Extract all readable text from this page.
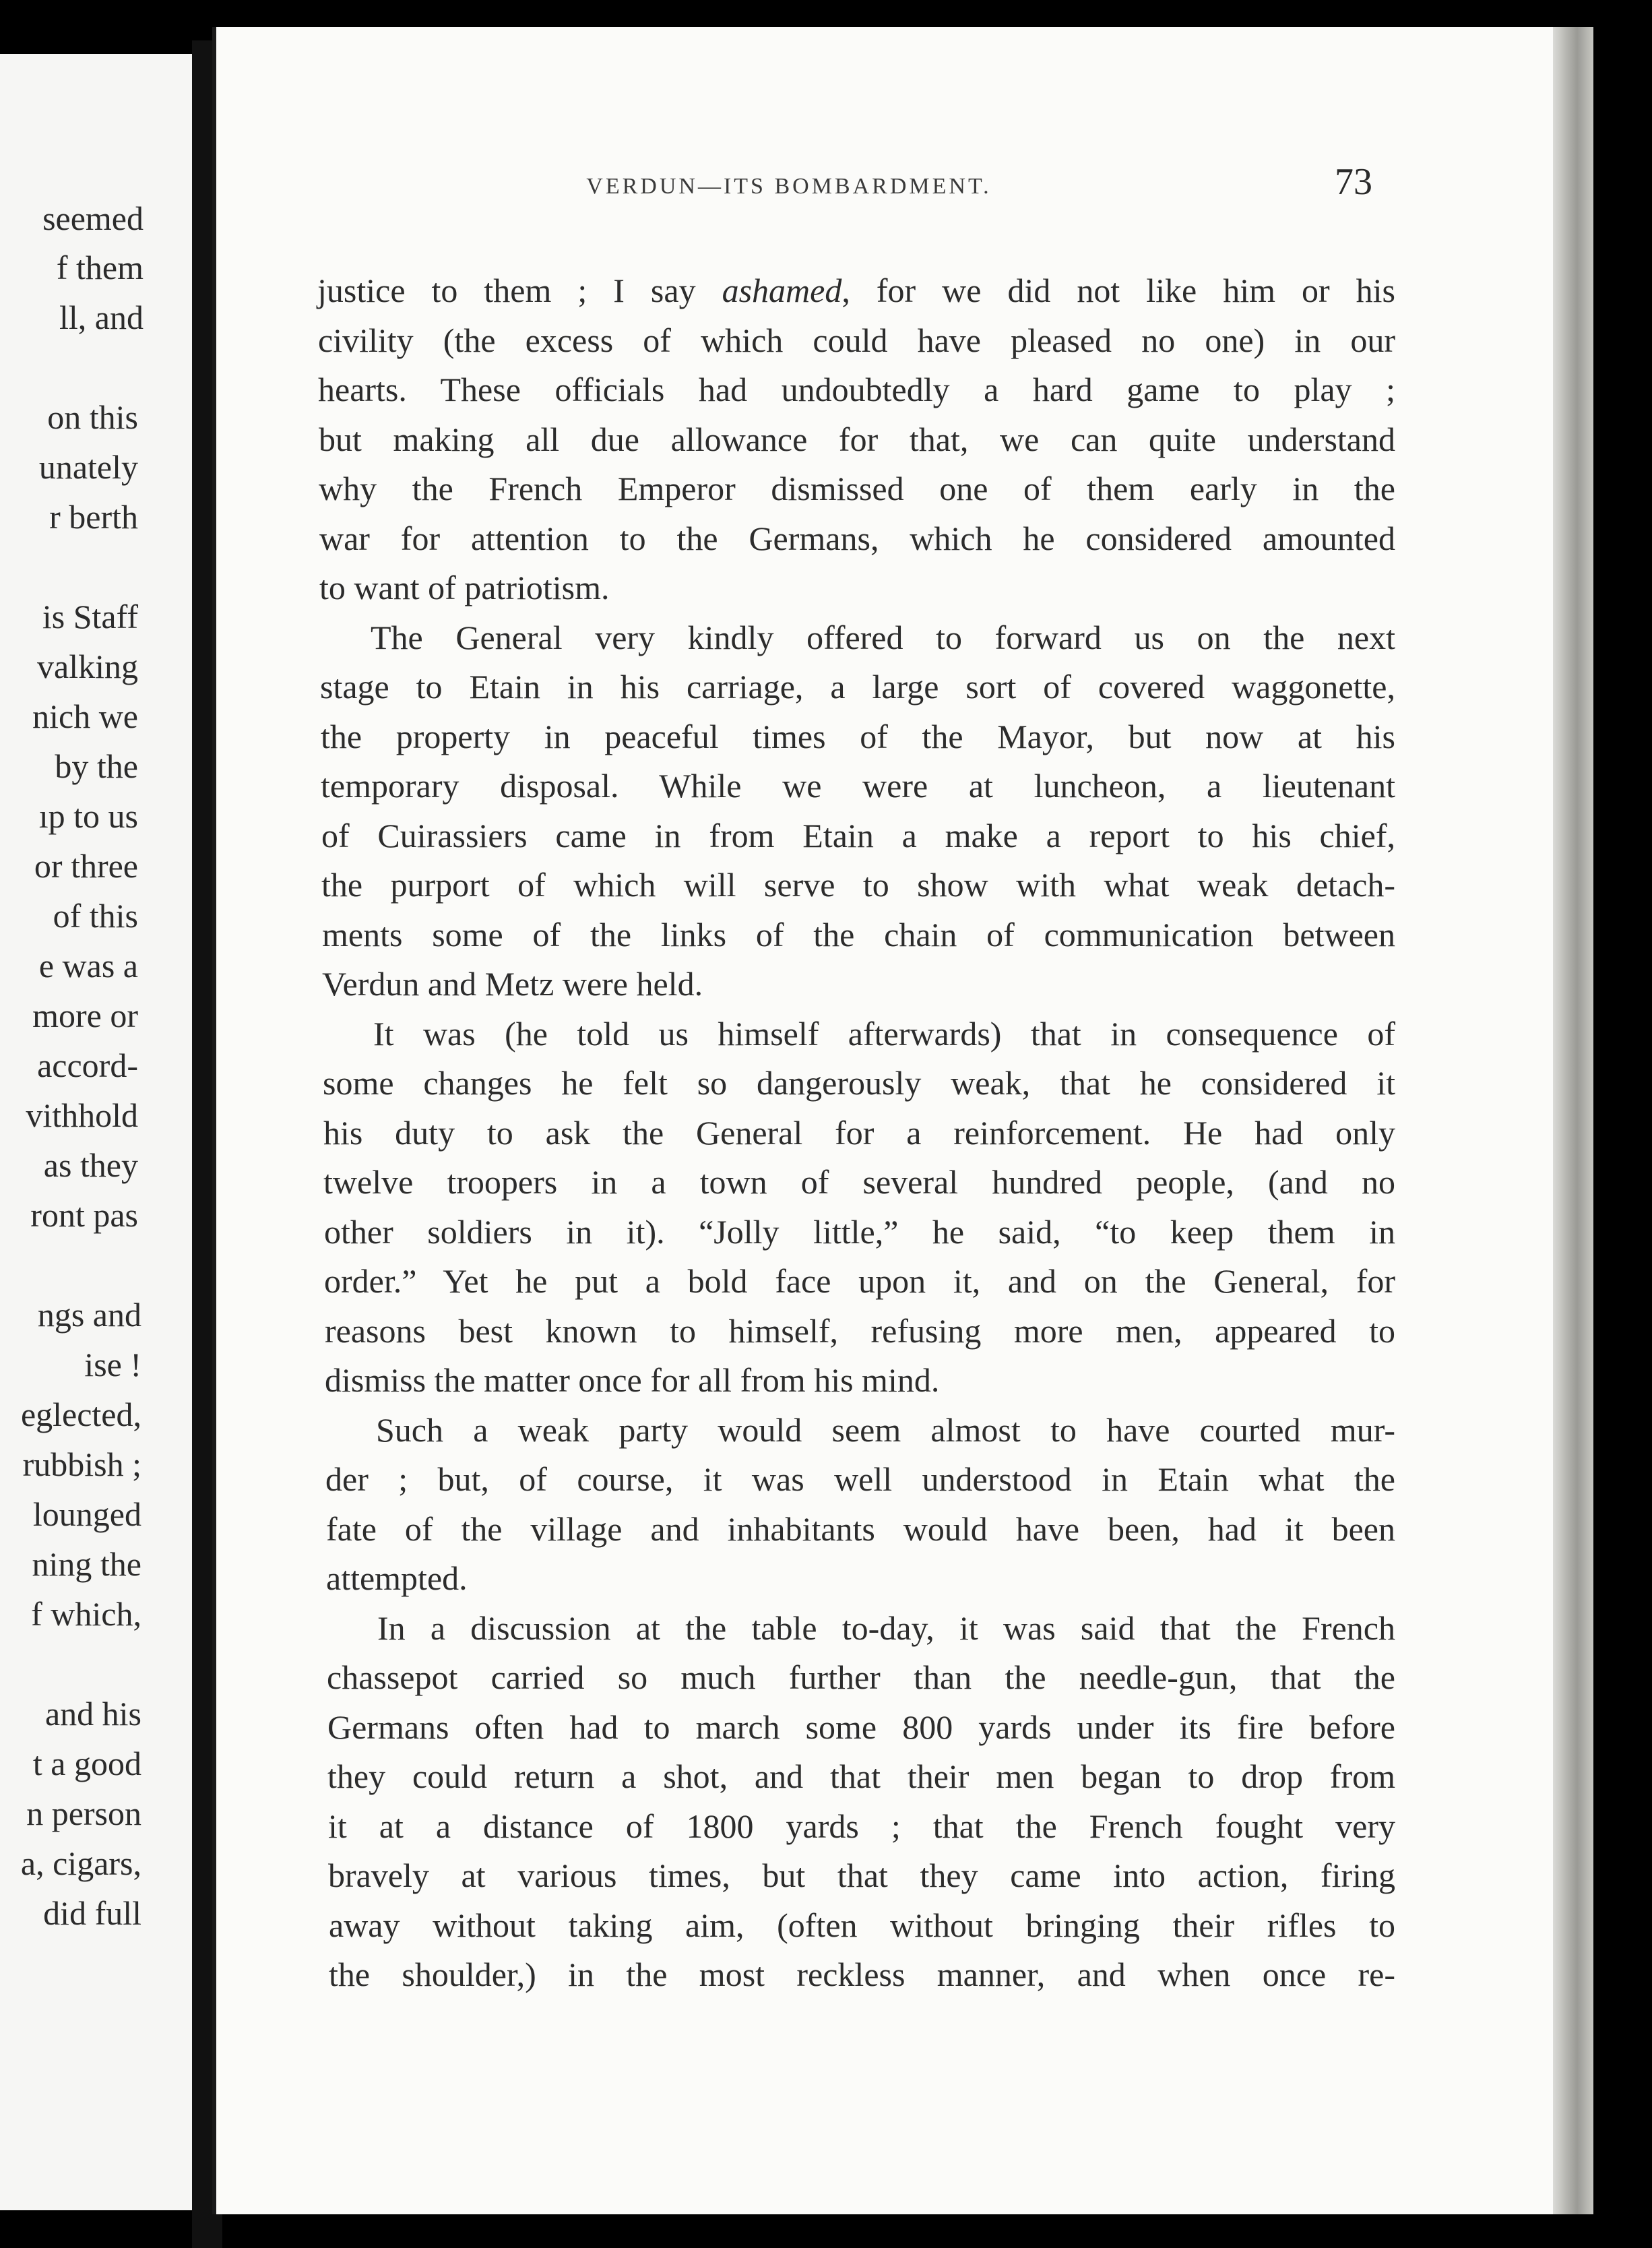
seemed
f them
ll, and
on this
unately
r berth
is Staff
valking
nich we
by the
ıp to us
or three
of this
e was a
more or
accord-
vithhold
as they
ront pas
ngs and
ise !
eglected,
rubbish ;
lounged
ning the
f which,
and his
t a good
n person
a, cigars,
did full
VERDUN—ITS BOMBARDMENT.	73
justice to them ; I say ashamed, for we did not like him or his
civility (the excess of which could have pleased no one) in our
hearts. These officials had undoubtedly a hard game to play ;
but making all due allowance for that, we can quite understand
why the French Emperor dismissed one of them early in the
war for attention to the Germans, which he considered amounted
to want of patriotism.
The General very kindly offered to forward us on the next
stage to Etain in his carriage, a large sort of covered waggonette,
the property in peaceful times of the Mayor, but now at his
temporary disposal. While we were at luncheon, a lieutenant
of Cuirassiers came in from Etain a make a report to his chief,
the purport of which will serve to show with what weak detach-
ments some of the links of the chain of communication between
Verdun and Metz were held.
It was (he told us himself afterwards) that in consequence of
some changes he felt so dangerously weak, that he considered it
his duty to ask the General for a reinforcement. He had only
twelve troopers in a town of several hundred people, (and no
other soldiers in it). “Jolly little,” he said, “to keep them in
order.” Yet he put a bold face upon it, and on the General, for
reasons best known to himself, refusing more men, appeared to
dismiss the matter once for all from his mind.
Such a weak party would seem almost to have courted mur-
der ; but, of course, it was well understood in Etain what the
fate of the village and inhabitants would have been, had it been
attempted.
In a discussion at the table to-day, it was said that the French
chassepot carried so much further than the needle-gun, that the
Germans often had to march some 800 yards under its fire before
they could return a shot, and that their men began to drop from
it at a distance of 1800 yards ; that the French fought very
bravely at various times, but that they came into action, firing
away without taking aim, (often without bringing their rifles to
the shoulder,) in the most reckless manner, and when once re-
